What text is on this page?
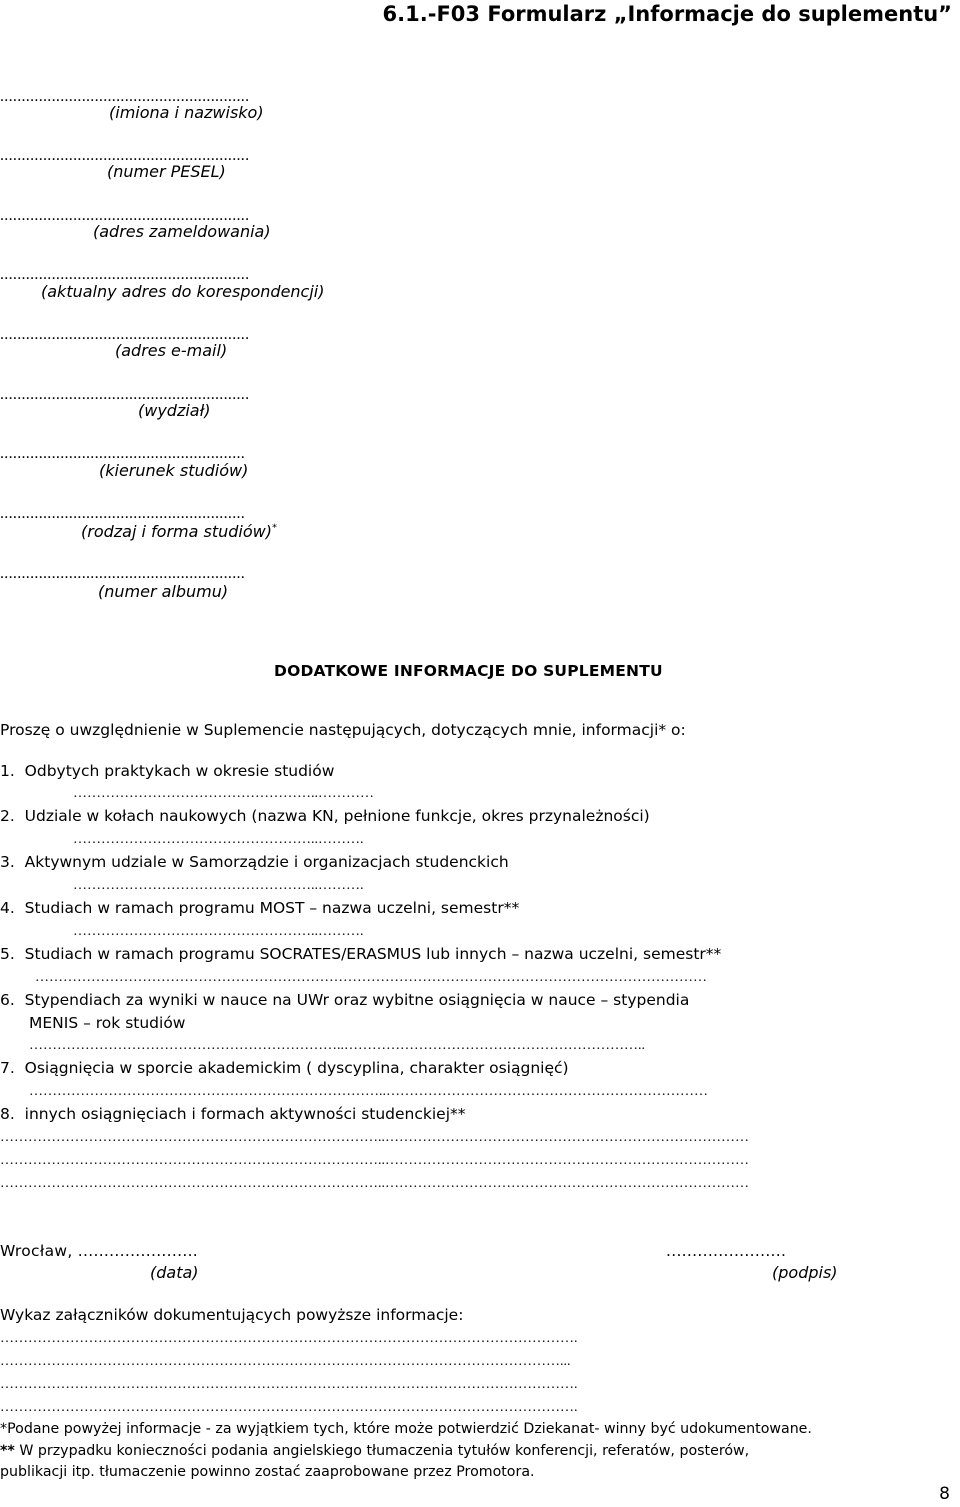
6.1.-F03 Formularz „Informacje do suplementu”
..........................................................
(imiona i nazwisko)
..........................................................
(numer PESEL)
..........................................................
(adres zameldowania)
..........................................................
(aktualny adres do korespondencji)
..........................................................
(adres e-mail)
..........................................................
(wydział)
.........................................................
(kierunek studiów)
.........................................................
(rodzaj i forma studiów)*
.........................................................
(numer albumu)
DODATKOWE INFORMACJE DO SUPLEMENTU
Proszę o uwzględnienie w Suplemencie następujących, dotyczących mnie, informacji* o:
1. Odbytych praktykach w okresie studiów
……………………………………………..…………
2. Udziale w kołach naukowych (nazwa KN, pełnione funkcje, okres przynależności)
……………………………………………..……….
3. Aktywnym udziale w Samorządzie i organizacjach studenckich
……………………………………………..……….
4. Studiach w ramach programu MOST – nazwa uczelni, semestr**
……………………………………………..……….
5. Studiach w ramach programu SOCRATES/ERASMUS lub innych – nazwa uczelni, semestr**
………………………………………………………………………………………………………………………………
6. Stypendiach za wyniki w nauce na UWr oraz wybitne osiągnięcia w nauce – stypendia
MENIS – rok studiów
…………………………………………………………..………………………………………………………..
7. Osiągnięcia w sporcie akademickim ( dyscyplina, charakter osiągnięć)
…………………………………………………………………..……………………………………………………………
8. innych osiągnięciach i formach aktywności studenckiej**
………………………………………………………………………..……………………………………………………………………
………………………………………………………………………..……………………………………………………………………
………………………………………………………………………..……………………………………………………………………
Wrocław, .......................
(data)
.......................
(podpis)
Wykaz załączników dokumentujących powyższe informacje:
…………………………………………………………………………………………………………….
…………………………………………………………………………………………………………...
…………………………………………………………………………………………………………….
…………………………………………………………………………………………………………….
*Podane powyżej informacje - za wyjątkiem tych, które może potwierdzić Dziekanat- winny być udokumentowane.
** W przypadku konieczności podania angielskiego tłumaczenia tytułów konferencji, referatów, posterów,
publikacji itp. tłumaczenie powinno zostać zaaprobowane przez Promotora.
8
